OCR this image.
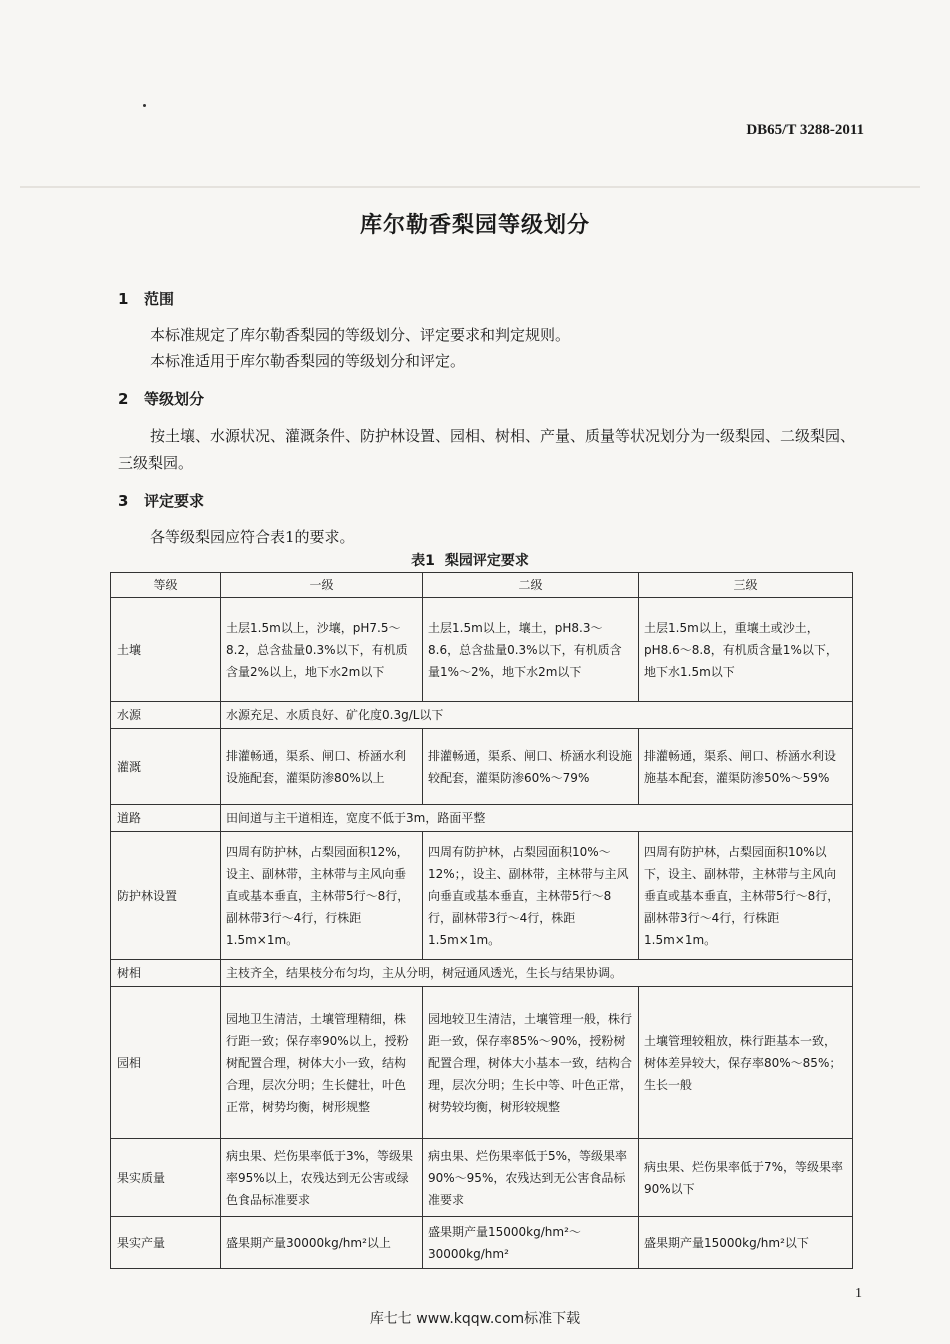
DB65/T 3288-2011
库尔勒香梨园等级划分
1 范围
本标准规定了库尔勒香梨园的等级划分、评定要求和判定规则。
本标准适用于库尔勒香梨园的等级划分和评定。
2 等级划分
按土壤、水源状况、灌溉条件、防护林设置、园相、树相、产量、质量等状况划分为一级梨园、二级梨园、三级梨园。
3 评定要求
各等级梨园应符合表1的要求。
表1 梨园评定要求
等级	一级	二级	三级
土壤	土层1.5m以上，沙壤，pH7.5～8.2，总含盐量0.3%以下，有机质含量2%以上，地下水2m以下	土层1.5m以上，壤土，pH8.3～8.6，总含盐量0.3%以下，有机质含量1%～2%，地下水2m以下	土层1.5m以上，重壤土或沙土，pH8.6～8.8，有机质含量1%以下，地下水1.5m以下
水源	水源充足、水质良好、矿化度0.3g/L以下		
灌溉	排灌畅通，渠系、闸口、桥涵水利设施配套，灌渠防渗80%以上	排灌畅通，渠系、闸口、桥涵水利设施较配套，灌渠防渗60%～79%	排灌畅通，渠系、闸口、桥涵水利设施基本配套，灌渠防渗50%～59%
道路	田间道与主干道相连，宽度不低于3m，路面平整		
防护林设置	四周有防护林，占梨园面积12%，设主、副林带，主林带与主风向垂直或基本垂直，主林带5行～8行，副林带3行～4行，行株距1.5m×1m。	四周有防护林，占梨园面积10%～12%；，设主、副林带，主林带与主风向垂直或基本垂直，主林带5行～8行，副林带3行～4行，株距1.5m×1m。	四周有防护林，占梨园面积10%以下，设主、副林带，主林带与主风向垂直或基本垂直，主林带5行～8行，副林带3行～4行，行株距1.5m×1m。
树相	主枝齐全，结果枝分布匀均，主从分明，树冠通风透光，生长与结果协调。		
园相	园地卫生清洁，土壤管理精细，株行距一致；保存率90%以上，授粉树配置合理，树体大小一致，结构合理，层次分明；生长健壮，叶色正常，树势均衡，树形规整	园地较卫生清洁，土壤管理一般，株行距一致，保存率85%～90%，授粉树配置合理，树体大小基本一致，结构合理，层次分明；生长中等、叶色正常，树势较均衡，树形较规整	土壤管理较粗放，株行距基本一致，树体差异较大，保存率80%～85%；生长一般
果实质量	病虫果、烂伤果率低于3%，等级果率95%以上，农残达到无公害或绿色食品标准要求	病虫果、烂伤果率低于5%，等级果率90%～95%，农残达到无公害食品标准要求	病虫果、烂伤果率低于7%，等级果率90%以下
果实产量	盛果期产量30000kg/hm²以上	盛果期产量15000kg/hm²～30000kg/hm²	盛果期产量15000kg/hm²以下
1
库七七 www.kqqw.com标准下载
